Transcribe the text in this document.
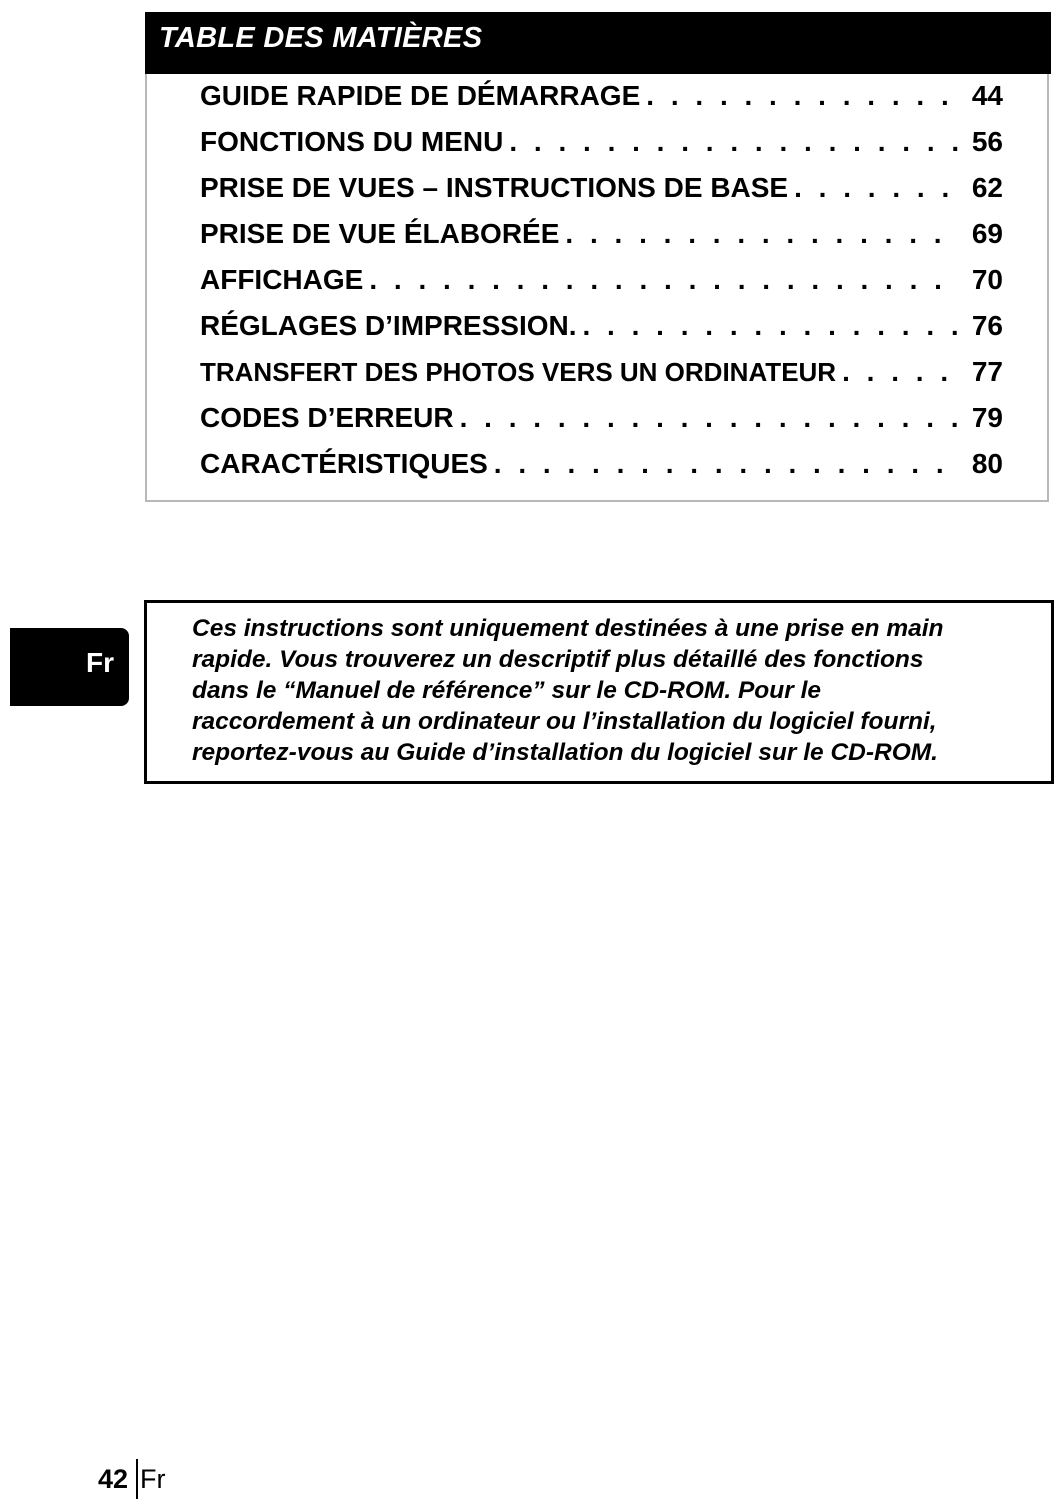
TABLE DES MATIÈRES
GUIDE RAPIDE DE DÉMARRAGE . . .	44
FONCTIONS DU MENU . . .	56
PRISE DE VUES – INSTRUCTIONS DE BASE . . .	62
PRISE DE VUE ÉLABORÉE . . .	69
AFFICHAGE . . .	70
RÉGLAGES D’IMPRESSION. . . .	76
TRANSFERT DES PHOTOS VERS UN ORDINATEUR . . .	77
CODES D’ERREUR . . .	79
CARACTÉRISTIQUES . . .	80
Fr

Ces instructions sont uniquement destinées à une prise en main
rapide. Vous trouverez un descriptif plus détaillé des fonctions
dans le “Manuel de référence” sur le CD-ROM. Pour le
raccordement à un ordinateur ou l’installation du logiciel fourni,
reportez-vous au Guide d’installation du logiciel sur le CD-ROM.

42 Fr
